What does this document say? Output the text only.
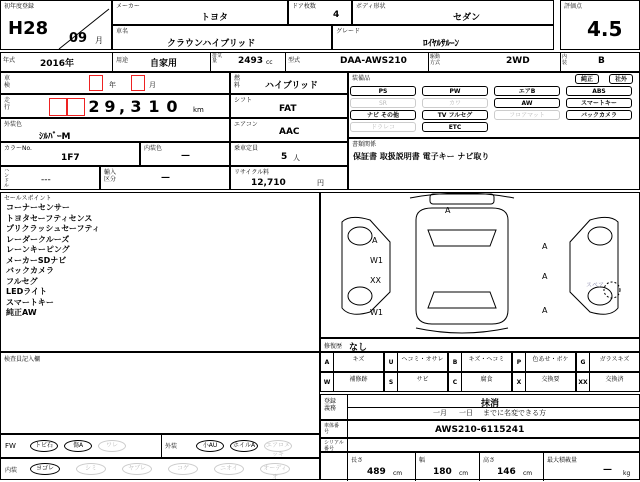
初年度登録
H28 09 月
メーカー
トヨタ
ドア枚数
4
ボディ形状
セダン
評価点
4.5
車名
クラウンハイブリッド
グレード
ﾛｲﾔﾙｻﾙｰﾝ
年式	2016年	用途 自家用
排気量	2493 cc	型式	DAA-AWS210	駆動方式	2WD	内装	B
車検	年	月
燃料	ハイブリッド
走行	2 9 , 3 1 0	km
シフト
FAT
外装色
ｼﾙﾊﾞｰM
エアコン
AAC
カラーNo.
1F7
内装色
—
乗車定員
5 人
ハンドル
---
輸入区分	—
リサイクル料
12,710	円
装備品	純正	社外
PS	PW	エアB	ABS
SR	カワ	AW	スマートキー
ナビ その他	TV フルセグ	フロアマット	バックカメラ
ドラレコ	ETC
書類関係
保証書 取扱説明書 電子キー ナビ取り
セールスポイント
コーナーセンサー
トヨタセーフティセンス
プリクラッシュセーフティ
レーダークルーズ
レーンキーピング
メーカーSDナビ
バックカメラ
フルセグ
LEDライト
スマートキー
純正AW
A
A
W1
XX
W1
A
A
A
スペア
修復歴 なし
A	キズ	U	ヘコミ・オサレ	B	キズ・ヘコミ	P	色あせ・ボケ	G	ガラスキズ
W	補修跡	S	サビ	C	腐食	X	交換要	XX	交換済
検査員記入欄
登録義務	抹消
一月 一日 までに名変できる方
車体番号	AWS210-6115241
シリアル番号
長さ
489 cm
幅
180 cm
高さ
146 cm
最大積載量
— kg
FW	外装
トビ石	傷A	ワレ	小AU	ホイルA	エアロメッキ
内装	ヨゴレ	シミ	ヤブレ	コゲ	ニオイ	オーディオ
